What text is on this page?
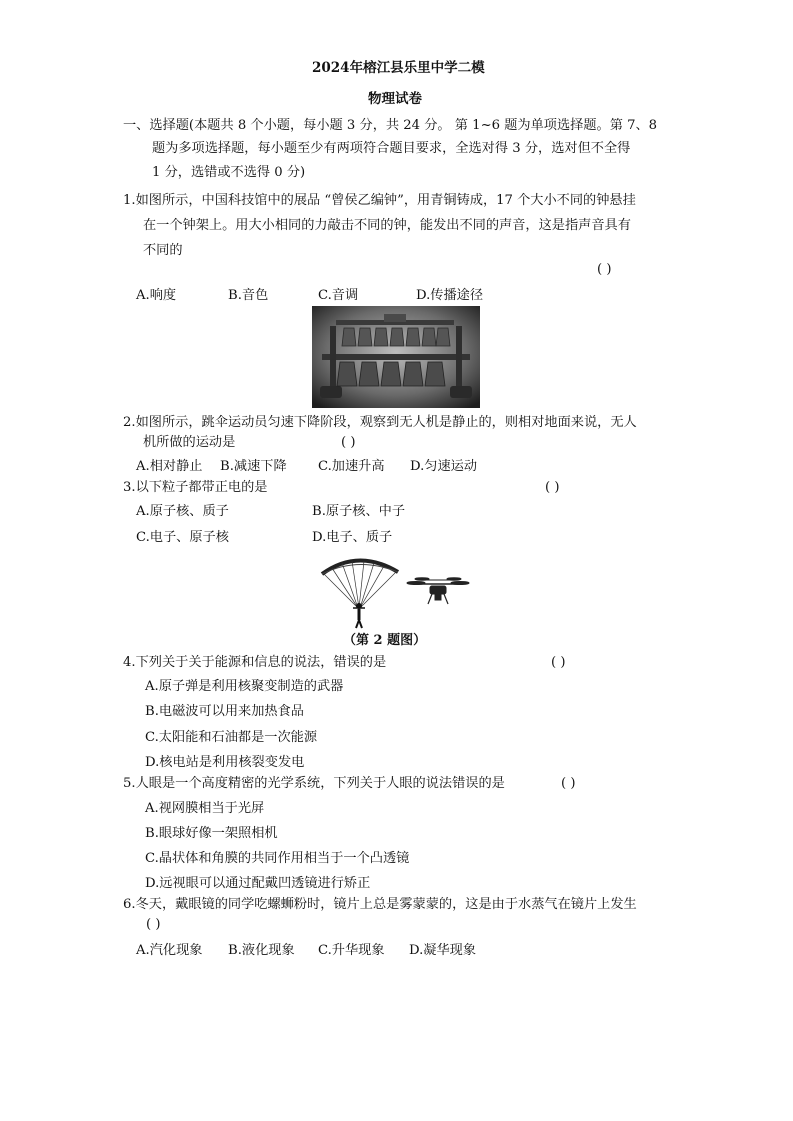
2024年榕江县乐里中学二模
物理试卷
一、选择题(本题共 8 个小题，每小题 3 分，共 24 分。 第 1~6 题为单项选择题。第 7、8
题为多项选择题，每小题至少有两项符合题目要求，全选对得 3 分，选对但不全得
1 分，选错或不选得 0 分)
1.如图所示，中国科技馆中的展品 “曾侯乙编钟”，用青铜铸成，17 个大小不同的钟悬挂
在一个钟架上。用大小相同的力敲击不同的钟，能发出不同的声音，这是指声音具有
不同的
( )
A.响度	B.音色	C.音调	D.传播途径
2.如图所示，跳伞运动员匀速下降阶段，观察到无人机是静止的，则相对地面来说，无人
机所做的运动是	( )
A.相对静止 B.减速下降 C.加速升高 D.匀速运动
3.以下粒子都带正电的是	( )
A.原子核、质子	B.原子核、中子
C.电子、原子核	D.电子、质子
（第 2 题图）
4.下列关于关于能源和信息的说法，错误的是	( )
A.原子弹是利用核聚变制造的武器
B.电磁波可以用来加热食品
C.太阳能和石油都是一次能源
D.核电站是利用核裂变发电
5.人眼是一个高度精密的光学系统，下列关于人眼的说法错误的是	( )
A.视网膜相当于光屏
B.眼球好像一架照相机
C.晶状体和角膜的共同作用相当于一个凸透镜
D.远视眼可以通过配戴凹透镜进行矫正
6.冬天，戴眼镜的同学吃螺蛳粉时，镜片上总是雾蒙蒙的，这是由于水蒸气在镜片上发生
( )
A.汽化现象 B.液化现象 C.升华现象 D.凝华现象
